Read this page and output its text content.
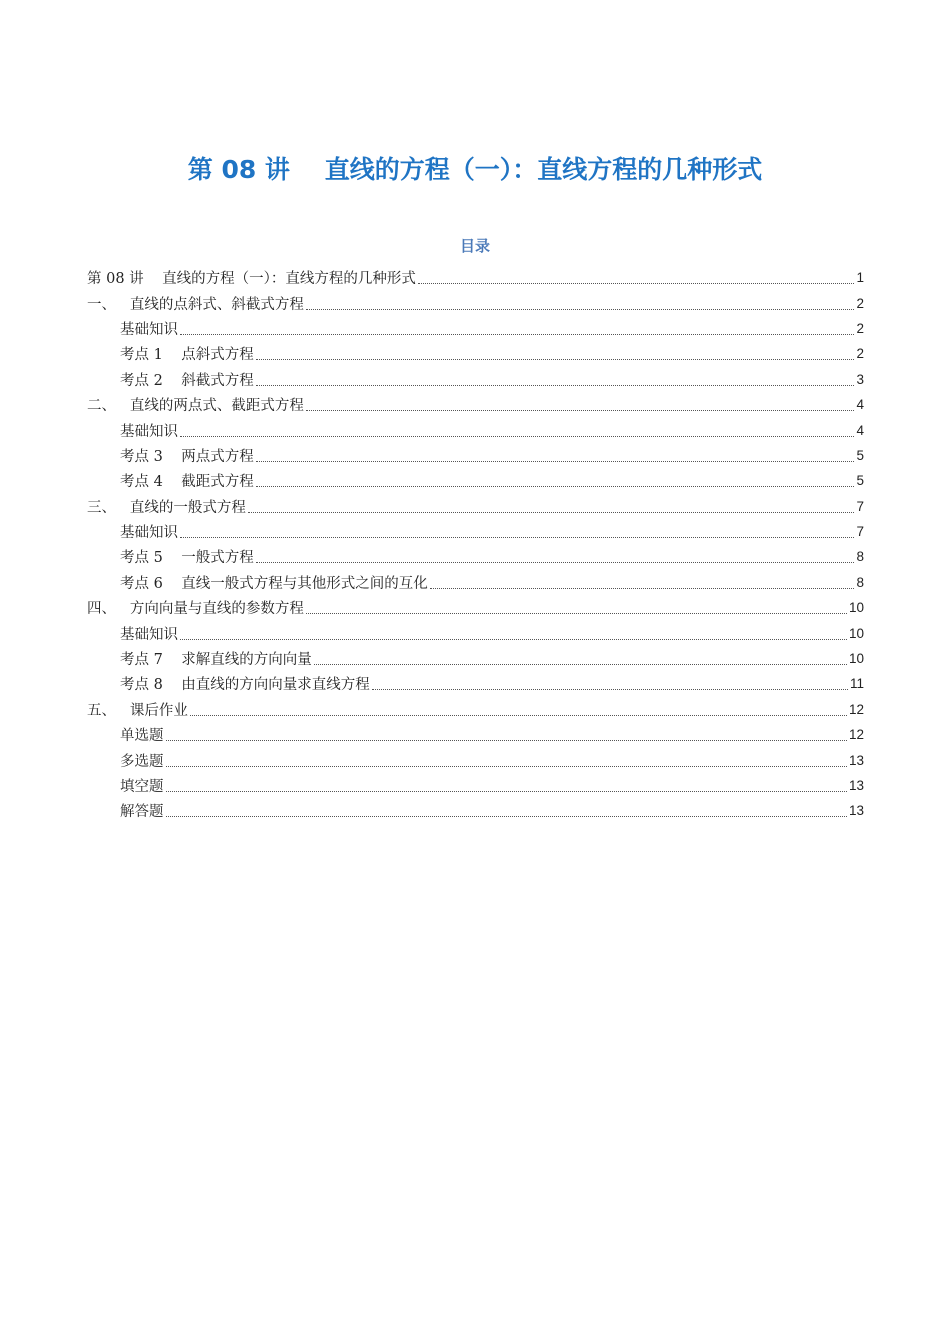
第 08 讲    直线的方程（一）：直线方程的几种形式
目录
第 08 讲    直线的方程（一）：直线方程的几种形式	1
一、   直线的点斜式、斜截式方程	2
基础知识	2
考点 1    点斜式方程	2
考点 2    斜截式方程	3
二、   直线的两点式、截距式方程	4
基础知识	4
考点 3    两点式方程	5
考点 4    截距式方程	5
三、   直线的一般式方程	7
基础知识	7
考点 5    一般式方程	8
考点 6    直线一般式方程与其他形式之间的互化	8
四、   方向向量与直线的参数方程	10
基础知识	10
考点 7    求解直线的方向向量	10
考点 8    由直线的方向向量求直线方程	11
五、   课后作业	12
单选题	12
多选题	13
填空题	13
解答题	13
